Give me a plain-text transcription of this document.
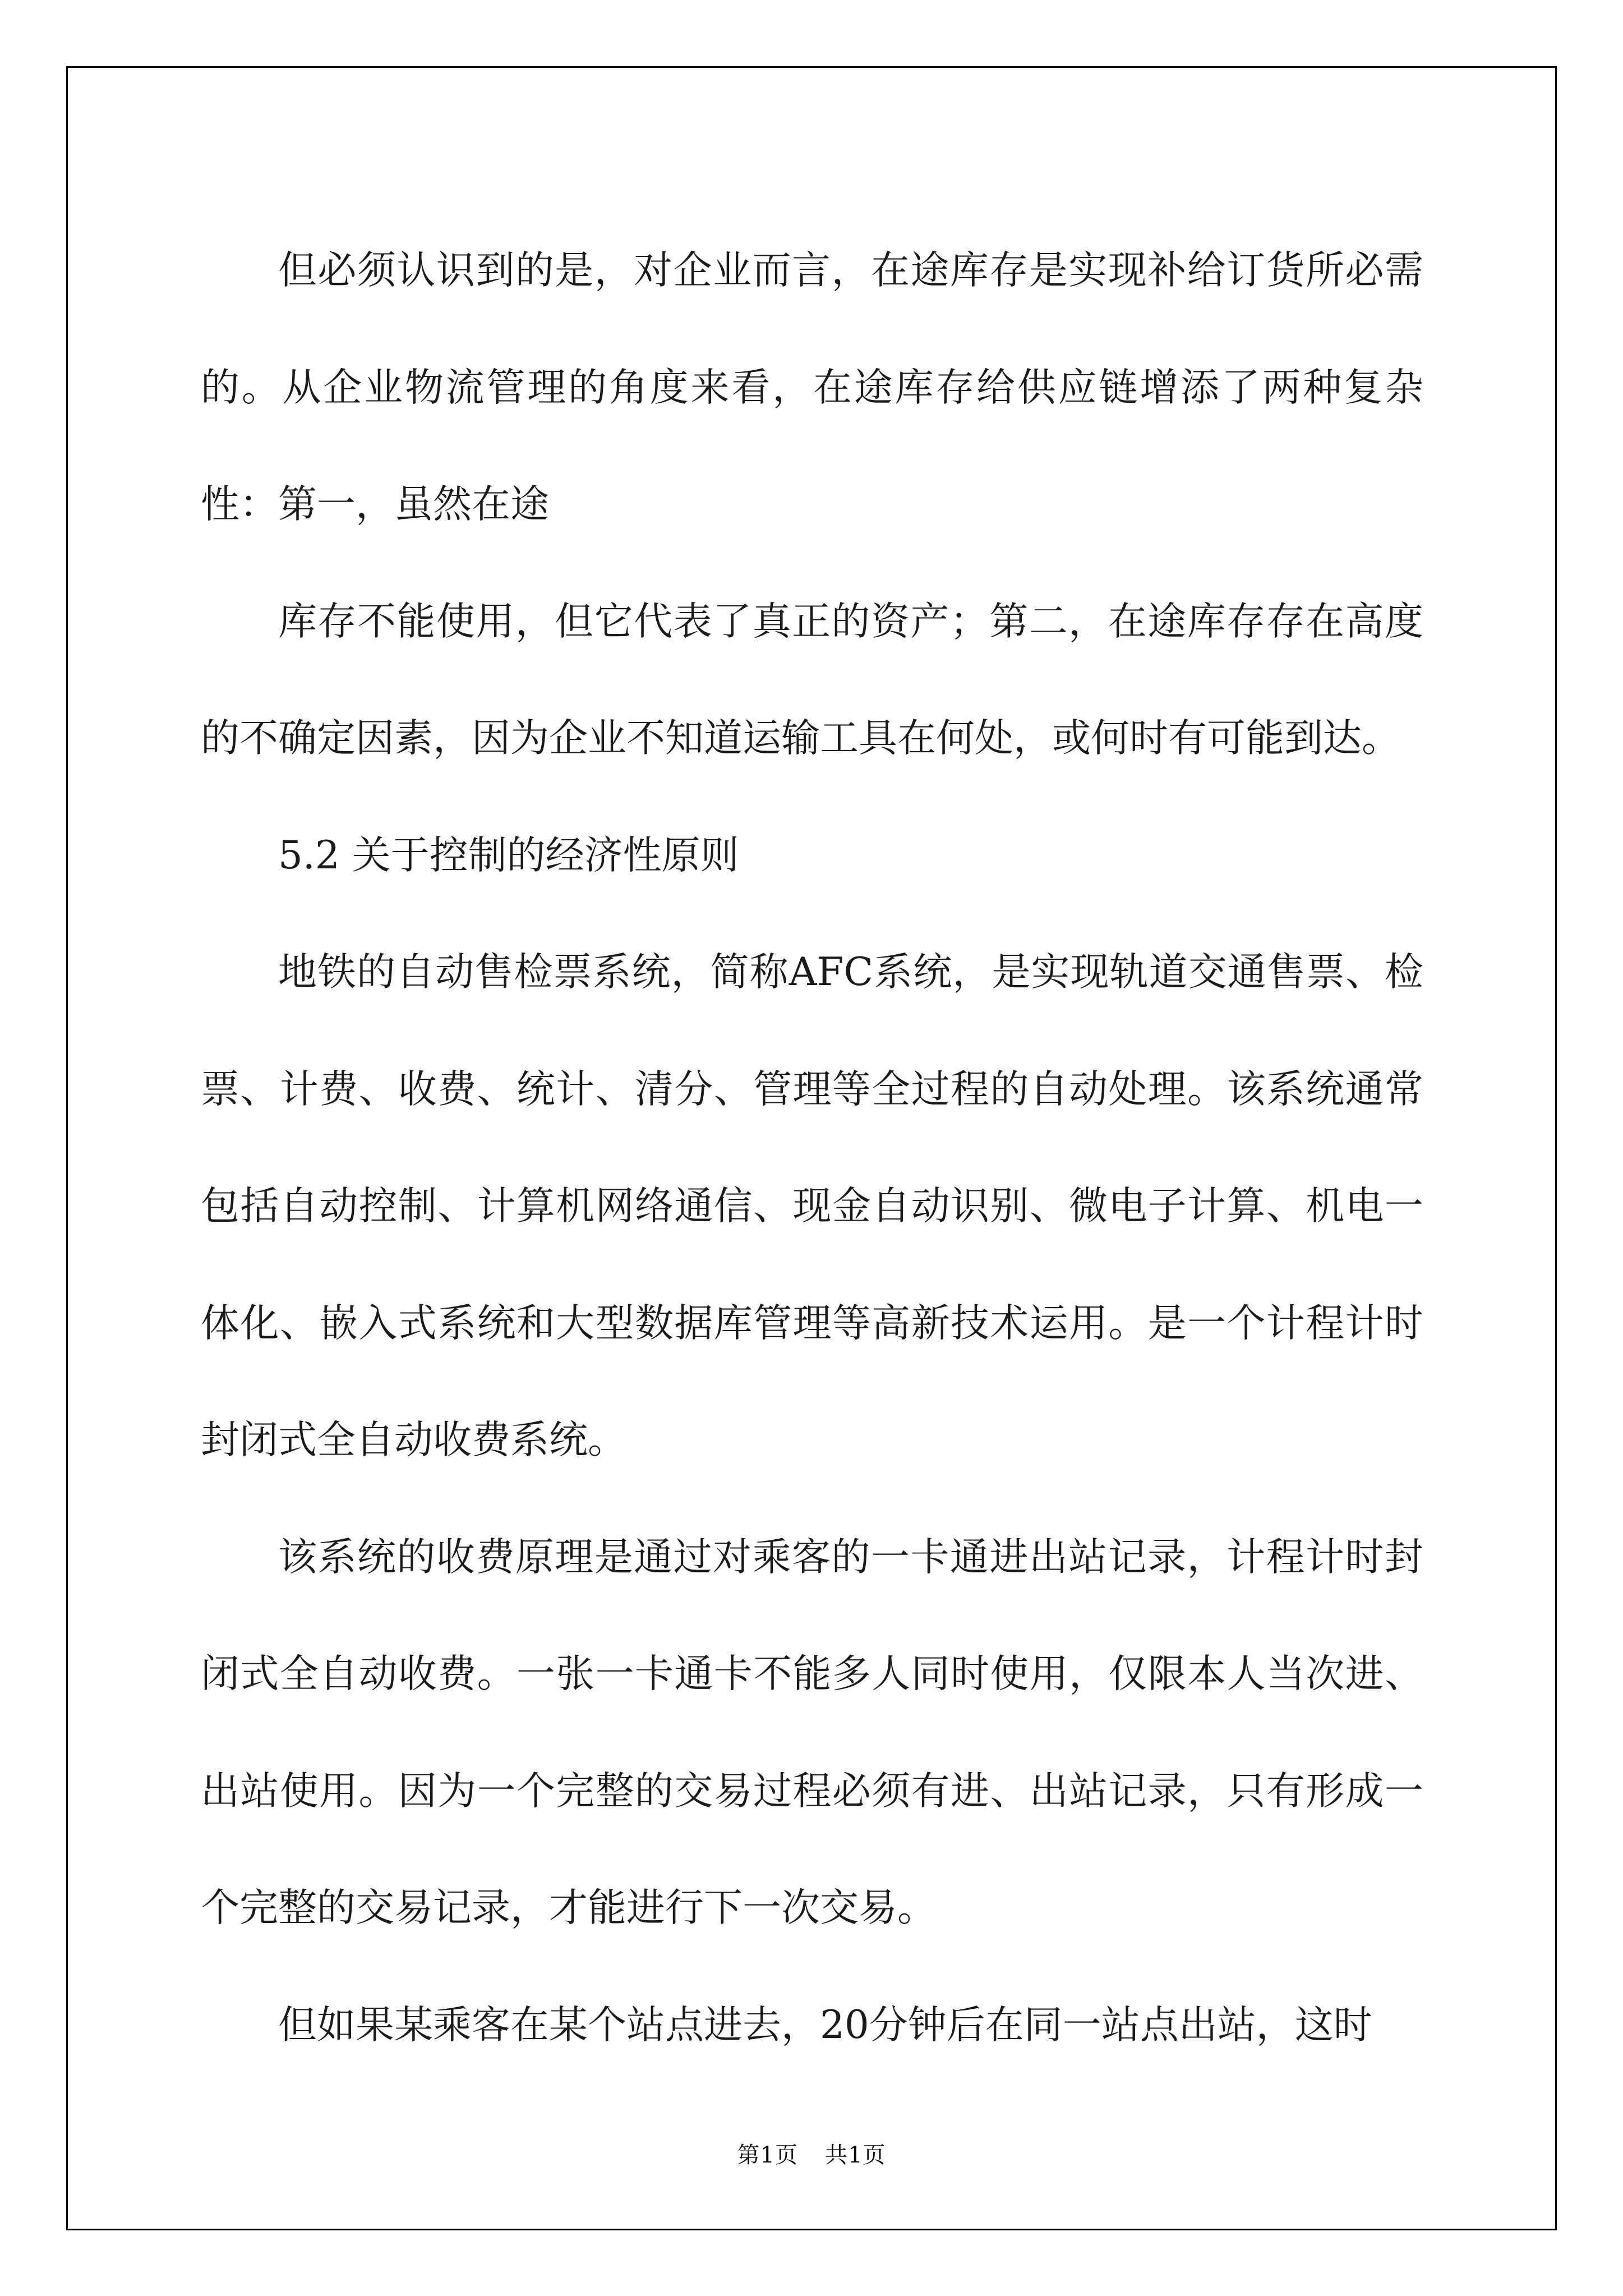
但必须认识到的是，对企业而言，在途库存是实现补给订货所必需的。从企业物流管理的角度来看，在途库存给供应链增添了两种复杂性：第一，虽然在途

库存不能使用，但它代表了真正的资产；第二，在途库存存在高度的不确定因素，因为企业不知道运输工具在何处，或何时有可能到达。

5.2 关于控制的经济性原则

地铁的自动售检票系统，简称AFC系统，是实现轨道交通售票、检票、计费、收费、统计、清分、管理等全过程的自动处理。该系统通常包括自动控制、计算机网络通信、现金自动识别、微电子计算、机电一体化、嵌入式系统和大型数据库管理等高新技术运用。是一个计程计时封闭式全自动收费系统。

该系统的收费原理是通过对乘客的一卡通进出站记录，计程计时封闭式全自动收费。一张一卡通卡不能多人同时使用，仅限本人当次进、出站使用。因为一个完整的交易过程必须有进、出站记录，只有形成一个完整的交易记录，才能进行下一次交易。

但如果某乘客在某个站点进去，20分钟后在同一站点出站，这时

第1页 共1页
